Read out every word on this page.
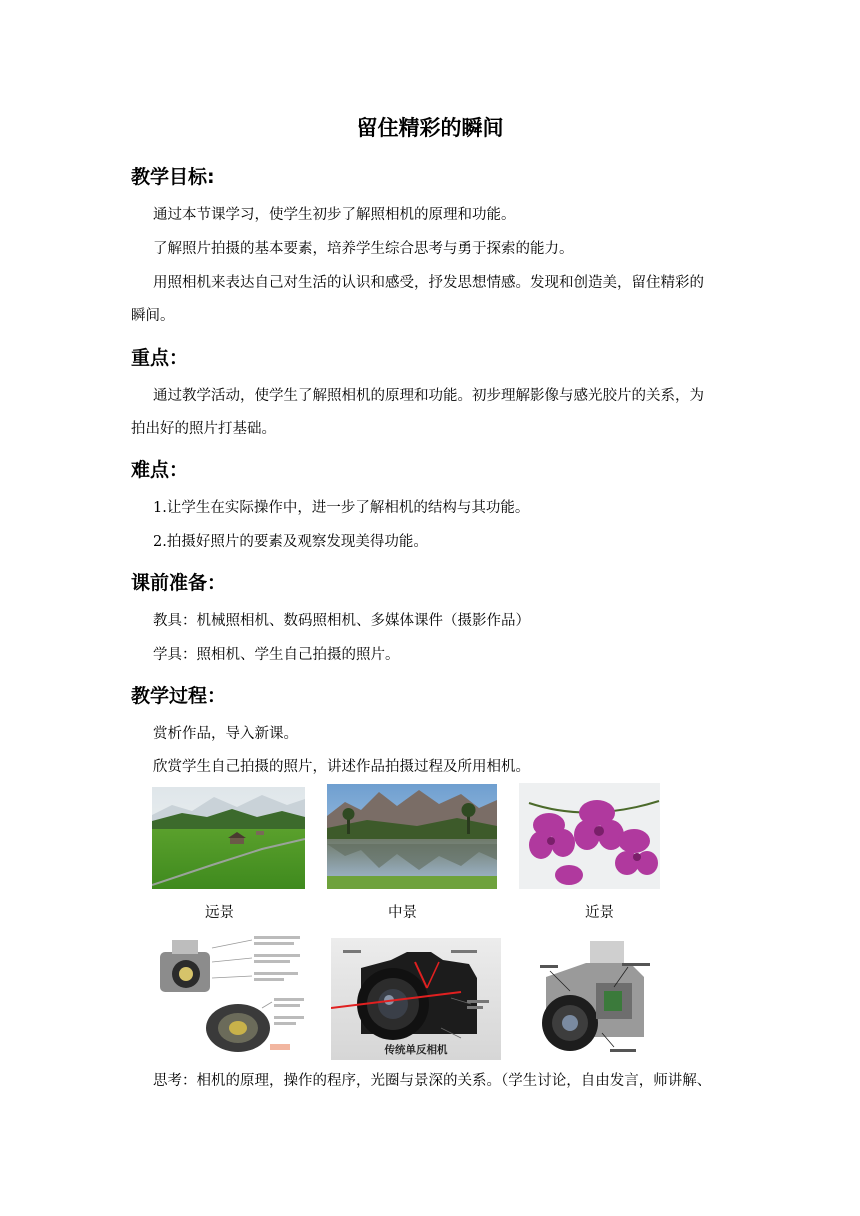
留住精彩的瞬间
教学目标:
通过本节课学习，使学生初步了解照相机的原理和功能。
了解照片拍摄的基本要素，培养学生综合思考与勇于探索的能力。
用照相机来表达自己对生活的认识和感受，抒发思想情感。发现和创造美，留住精彩的
瞬间。
重点：
通过教学活动，使学生了解照相机的原理和功能。初步理解影像与感光胶片的关系，为
拍出好的照片打基础。
难点：
1.让学生在实际操作中，进一步了解相机的结构与其功能。
2.拍摄好照片的要素及观察发现美得功能。
课前准备：
教具：机械照相机、数码照相机、多媒体课件（摄影作品）
学具：照相机、学生自己拍摄的照片。
教学过程：
赏析作品，导入新课。
欣赏学生自己拍摄的照片，讲述作品拍摄过程及所用相机。
远景	中景	近景
传统单反相机
思考：相机的原理，操作的程序，光圈与景深的关系。（学生讨论，自由发言，师讲解、
